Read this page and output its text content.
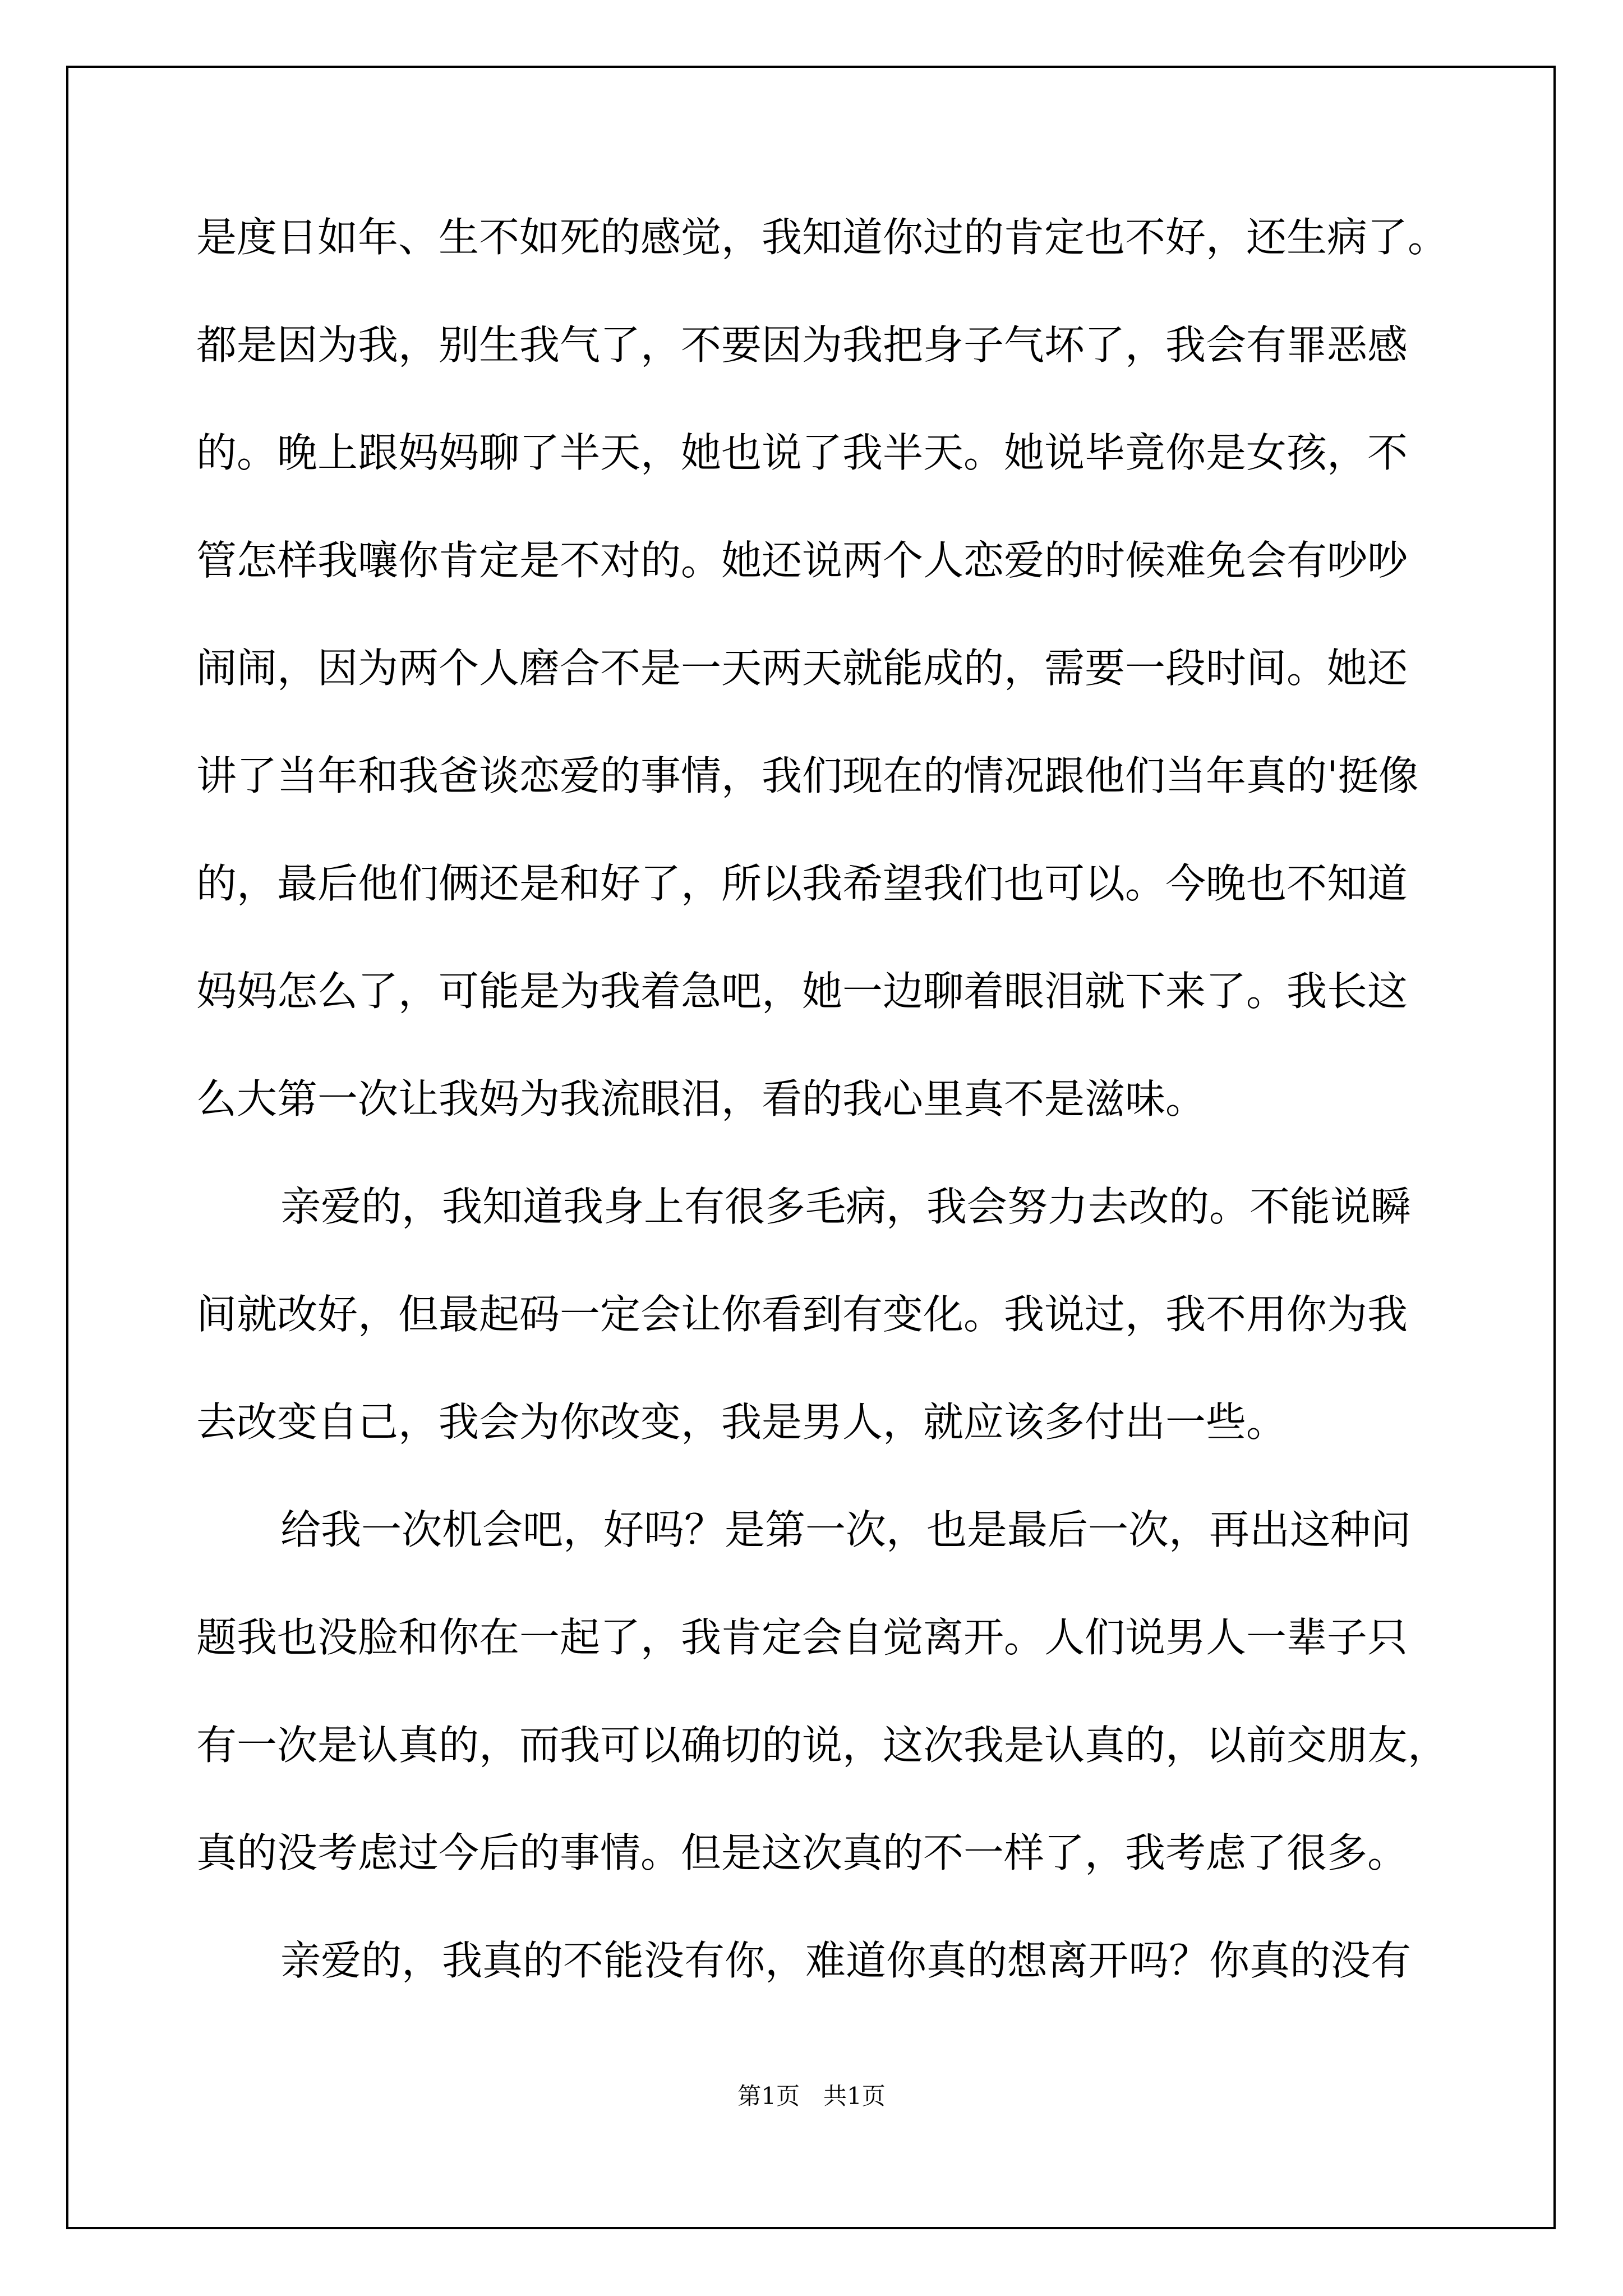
是度日如年、生不如死的感觉，我知道你过的肯定也不好，还生病了。
都是因为我，别生我气了，不要因为我把身子气坏了，我会有罪恶感
的。晚上跟妈妈聊了半天，她也说了我半天。她说毕竟你是女孩，不
管怎样我嚷你肯定是不对的。她还说两个人恋爱的时候难免会有吵吵
闹闹，因为两个人磨合不是一天两天就能成的，需要一段时间。她还
讲了当年和我爸谈恋爱的事情，我们现在的情况跟他们当年真的'挺像
的，最后他们俩还是和好了，所以我希望我们也可以。今晚也不知道
妈妈怎么了，可能是为我着急吧，她一边聊着眼泪就下来了。我长这
么大第一次让我妈为我流眼泪，看的我心里真不是滋味。
亲爱的，我知道我身上有很多毛病，我会努力去改的。不能说瞬
间就改好，但最起码一定会让你看到有变化。我说过，我不用你为我
去改变自己，我会为你改变，我是男人，就应该多付出一些。
给我一次机会吧，好吗？是第一次，也是最后一次，再出这种问
题我也没脸和你在一起了，我肯定会自觉离开。人们说男人一辈子只
有一次是认真的，而我可以确切的说，这次我是认真的，以前交朋友，
真的没考虑过今后的事情。但是这次真的不一样了，我考虑了很多。
亲爱的，我真的不能没有你，难道你真的想离开吗？你真的没有
第1页　共1页
